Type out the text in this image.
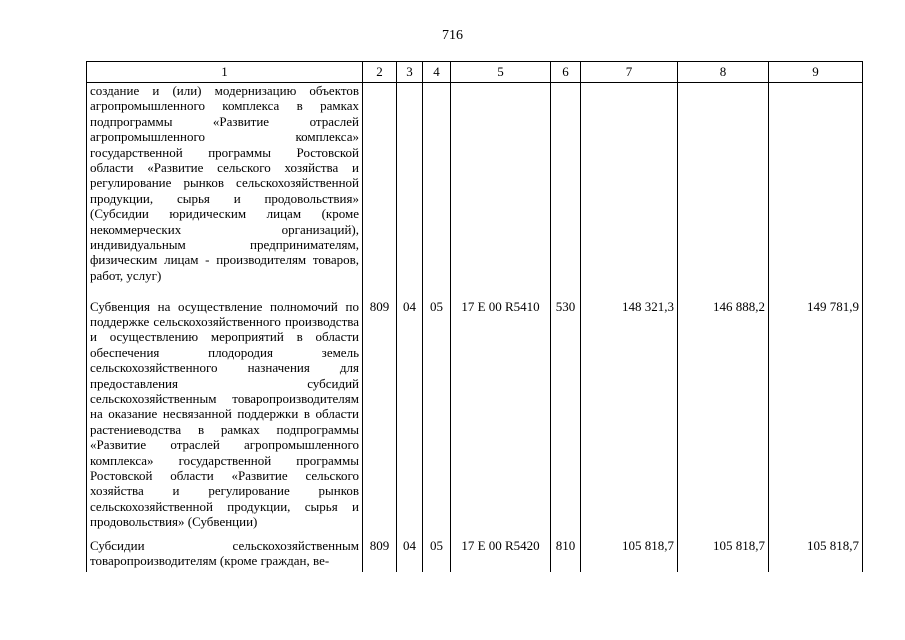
716
1	2	3	4	5	6	7	8	9
создание и (или) модернизацию объектов агропромышленного комплекса в рамках подпрограммы «Развитие отраслей агропромышленного комплекса» государственной программы Ростовской области «Развитие сельского хозяйства и регулирование рынков сельскохозяйственной продукции, сырья и продовольствия» (Субсидии юридическим лицам (кроме некоммерческих организаций), индивидуальным предпринимателям, физическим лицам - производителям товаров, работ, услуг)								
Субвенция на осуществление полномочий по поддержке сельскохозяйственного производства и осуществлению мероприятий в области обеспечения плодородия земель сельскохозяйственного назначения для предоставления субсидий сельскохозяйственным товаропроизводителям на оказание несвязанной поддержки в области растениеводства в рамках подпрограммы «Развитие отраслей агропромышленного комплекса» государственной программы Ростовской области «Развитие сельского хозяйства и регулирование рынков сельскохозяйственной продукции, сырья и продовольствия» (Субвенции)	809	04	05	17 Е 00 R5410	530	148 321,3	146 888,2	149 781,9
Субсидии сельскохозяйственным товаропроизводителям (кроме граждан, ве-	809	04	05	17 Е 00 R5420	810	105 818,7	105 818,7	105 818,7
